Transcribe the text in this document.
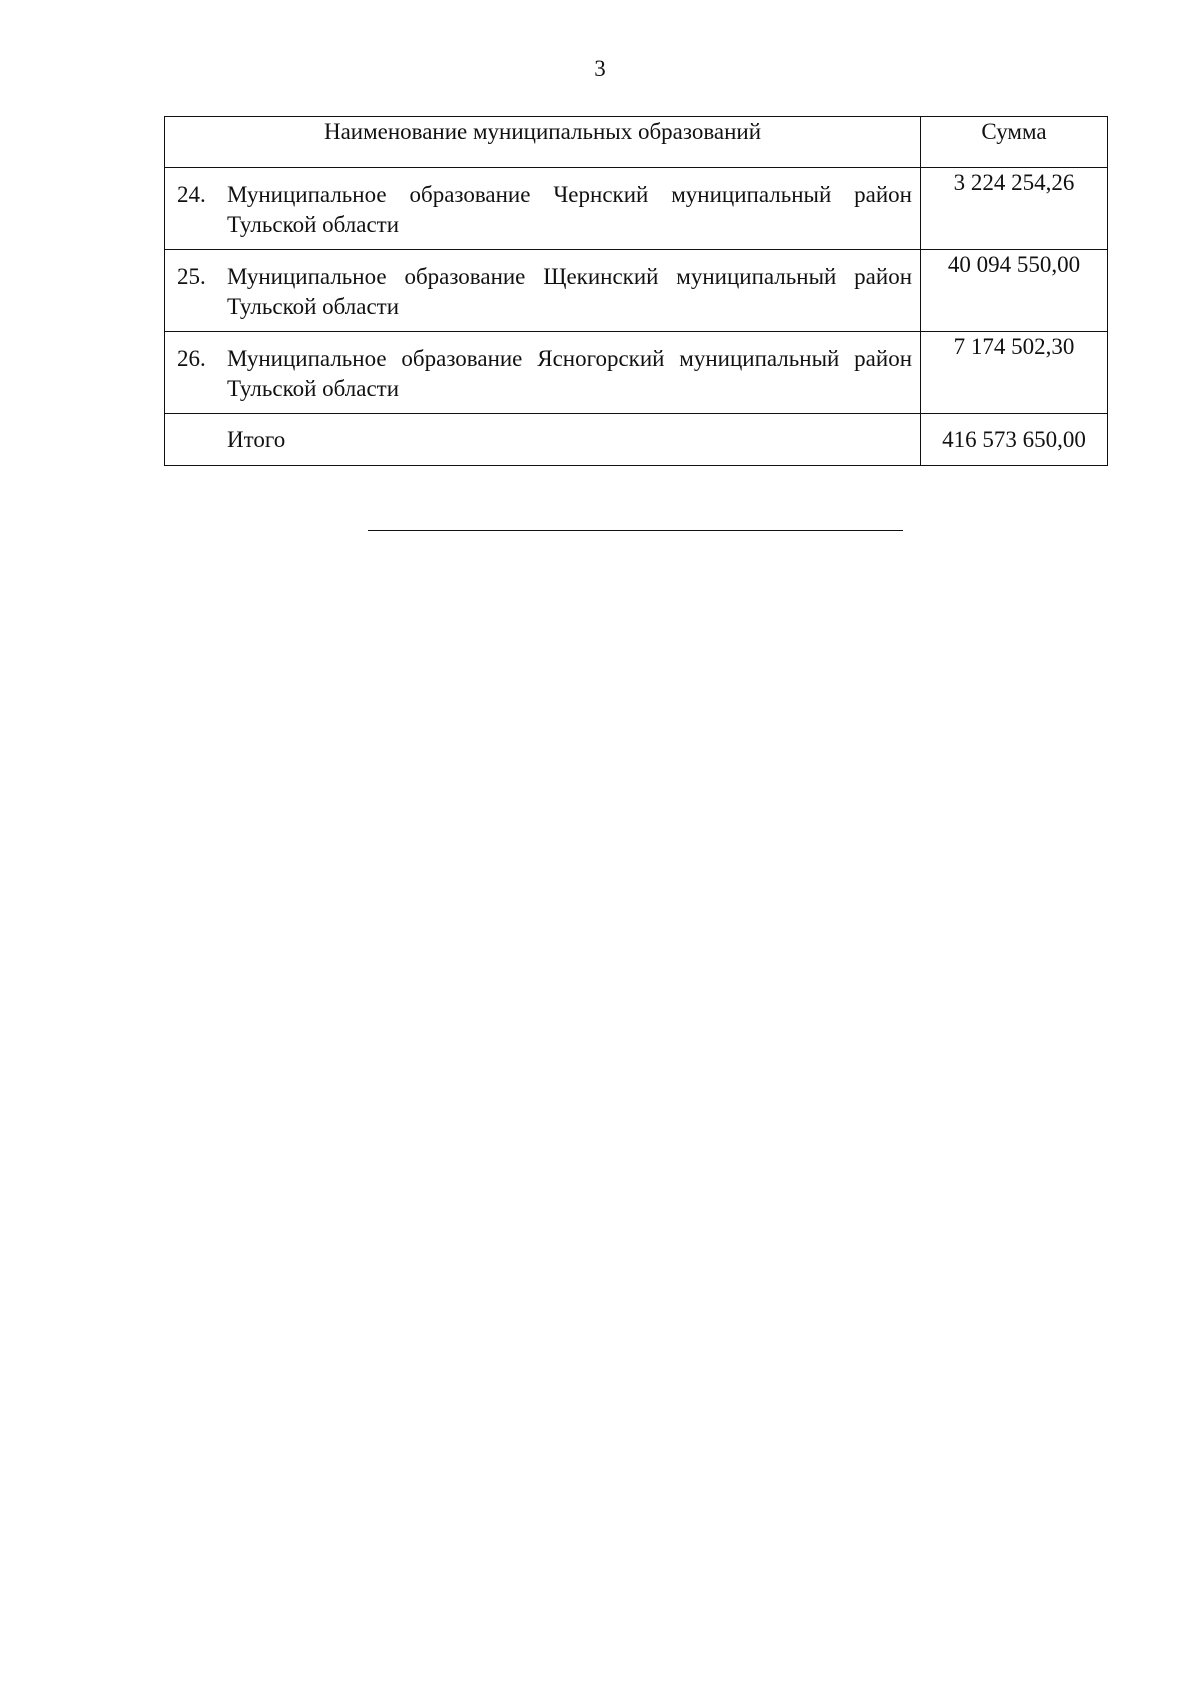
3
Наименование муниципальных образований	Сумма

24. Муниципальное образование Чернский муниципальный район Тульской области	3 224 254,26

25. Муниципальное образование Щекинский муниципальный район Тульской области	40 094 550,00

26. Муниципальное образование Ясногорский муниципальный район Тульской области	7 174 502,30

Итого	416 573 650,00
